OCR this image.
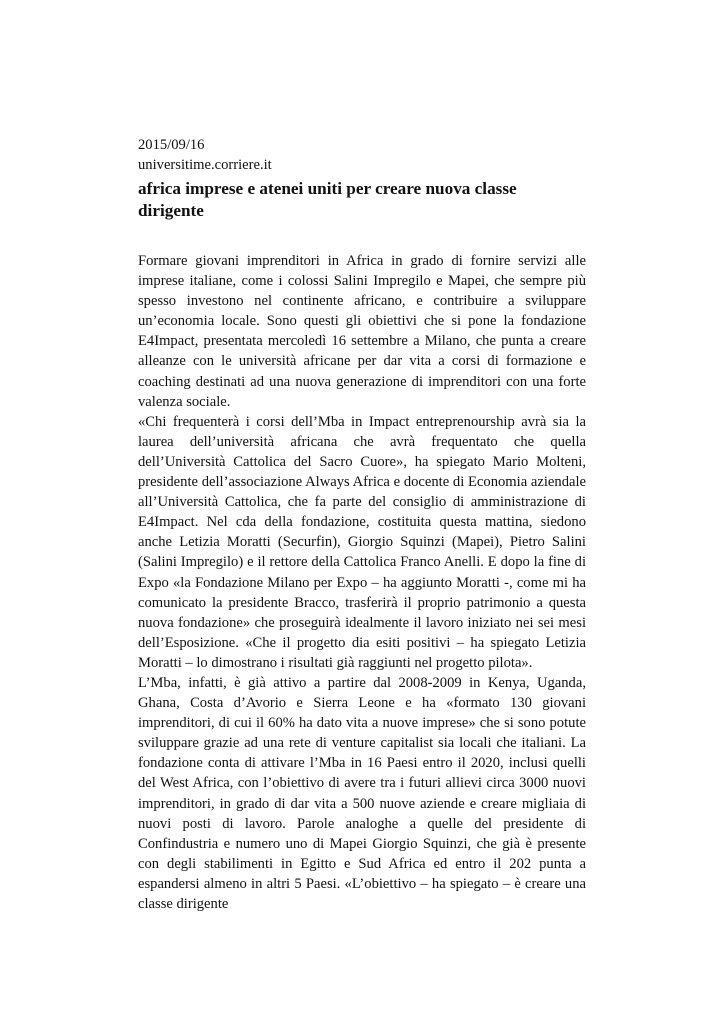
2015/09/16

universitime.corriere.it

africa imprese e atenei uniti per creare nuova classe dirigente

Formare giovani imprenditori in Africa in grado di fornire servizi alle imprese italiane, come i colossi Salini Impregilo e Mapei, che sempre più spesso investono nel continente africano, e contribuire a sviluppare un’economia locale. Sono questi gli obiettivi che si pone la fondazione E4Impact, presentata mercoledì 16 settembre a Milano, che punta a creare alleanze con le università africane per dar vita a corsi di formazione e coaching destinati ad una nuova generazione di imprenditori con una forte valenza sociale.

«Chi frequenterà i corsi dell’Mba in Impact entreprenourship avrà sia la laurea dell’università africana che avrà frequentato che quella dell’Università Cattolica del Sacro Cuore», ha spiegato Mario Molteni, presidente dell’associazione Always Africa e docente di Economia aziendale all’Università Cattolica, che fa parte del consiglio di amministrazione di E4Impact. Nel cda della fondazione, costituita questa mattina, siedono anche Letizia Moratti (Securfin), Giorgio Squinzi (Mapei), Pietro Salini (Salini Impregilo) e il rettore della Cattolica Franco Anelli. E dopo la fine di Expo «la Fondazione Milano per Expo – ha aggiunto Moratti -, come mi ha comunicato la presidente Bracco, trasferirà il proprio patrimonio a questa nuova fondazione» che proseguirà idealmente il lavoro iniziato nei sei mesi dell’Esposizione. «Che il progetto dia esiti positivi – ha spiegato Letizia Moratti – lo dimostrano i risultati già raggiunti nel progetto pilota».

L’Mba, infatti, è già attivo a partire dal 2008-2009 in Kenya, Uganda, Ghana, Costa d’Avorio e Sierra Leone e ha «formato 130 giovani imprenditori, di cui il 60% ha dato vita a nuove imprese» che si sono potute sviluppare grazie ad una rete di venture capitalist sia locali che italiani. La fondazione conta di attivare l’Mba in 16 Paesi entro il 2020, inclusi quelli del West Africa, con l’obiettivo di avere tra i futuri allievi circa 3000 nuovi imprenditori, in grado di dar vita a 500 nuove aziende e creare migliaia di nuovi posti di lavoro. Parole analoghe a quelle del presidente di Confindustria e numero uno di Mapei Giorgio Squinzi, che già è presente con degli stabilimenti in Egitto e Sud Africa ed entro il 202 punta a espandersi almeno in altri 5 Paesi. «L’obiettivo – ha spiegato – è creare una classe dirigente
